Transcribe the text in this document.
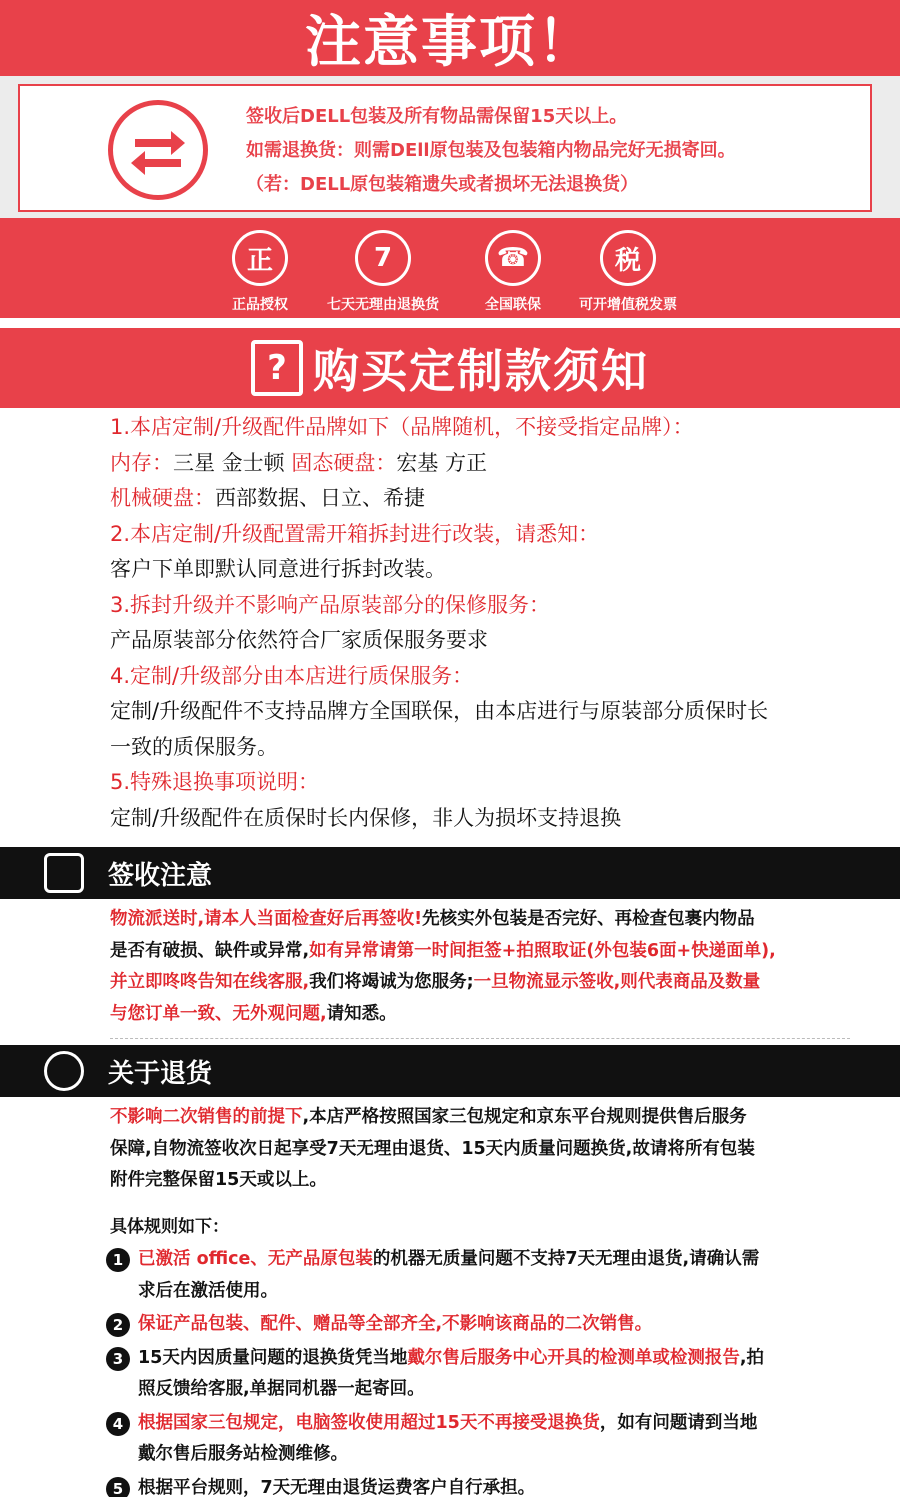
注意事项！

签收后DELL包装及所有物品需保留15天以上。

如需退换货：则需DEll原包装及包装箱内物品完好无损寄回。

（若：DELL原包装箱遗失或者损坏无法退换货）

正
正品授权
7
七天无理由退换货
☎
全国联保
税
可开增值税发票
? 购买定制款须知

1.本店定制/升级配件品牌如下（品牌随机，不接受指定品牌）：

内存：三星 金士顿 固态硬盘：宏基 方正

机械硬盘：西部数据、日立、希捷

2.本店定制/升级配置需开箱拆封进行改装，请悉知：

客户下单即默认同意进行拆封改装。

3.拆封升级并不影响产品原装部分的保修服务：

产品原装部分依然符合厂家质保服务要求

4.定制/升级部分由本店进行质保服务：

定制/升级配件不支持品牌方全国联保，由本店进行与原装部分质保时长

一致的质保服务。

5.特殊退换事项说明：

定制/升级配件在质保时长内保修，非人为损坏支持退换

签收注意

物流派送时,请本人当面检查好后再签收!先核实外包装是否完好、再检查包裹内物品

是否有破损、缺件或异常,如有异常请第一时间拒签+拍照取证(外包装6面+快递面单),

并立即咚咚告知在线客服,我们将竭诚为您服务;一旦物流显示签收,则代表商品及数量

与您订单一致、无外观问题,请知悉。

关于退货

不影响二次销售的前提下,本店严格按照国家三包规定和京东平台规则提供售后服务

保障,自物流签收次日起享受7天无理由退货、15天内质量问题换货,故请将所有包装

附件完整保留15天或以上。

具体规则如下：

1 已激活 office、无产品原包装的机器无质量问题不支持7天无理由退货,请确认需

求后在激活使用。

2 保证产品包装、配件、赠品等全部齐全,不影响该商品的二次销售。

3 15天内因质量问题的退换货凭当地戴尔售后服务中心开具的检测单或检测报告,拍

照反馈给客服,单据同机器一起寄回。

4 根据国家三包规定，电脑签收使用超过15天不再接受退换货，如有问题请到当地

戴尔售后服务站检测维修。

5 根据平台规则，7天无理由退货运费客户自行承担。
